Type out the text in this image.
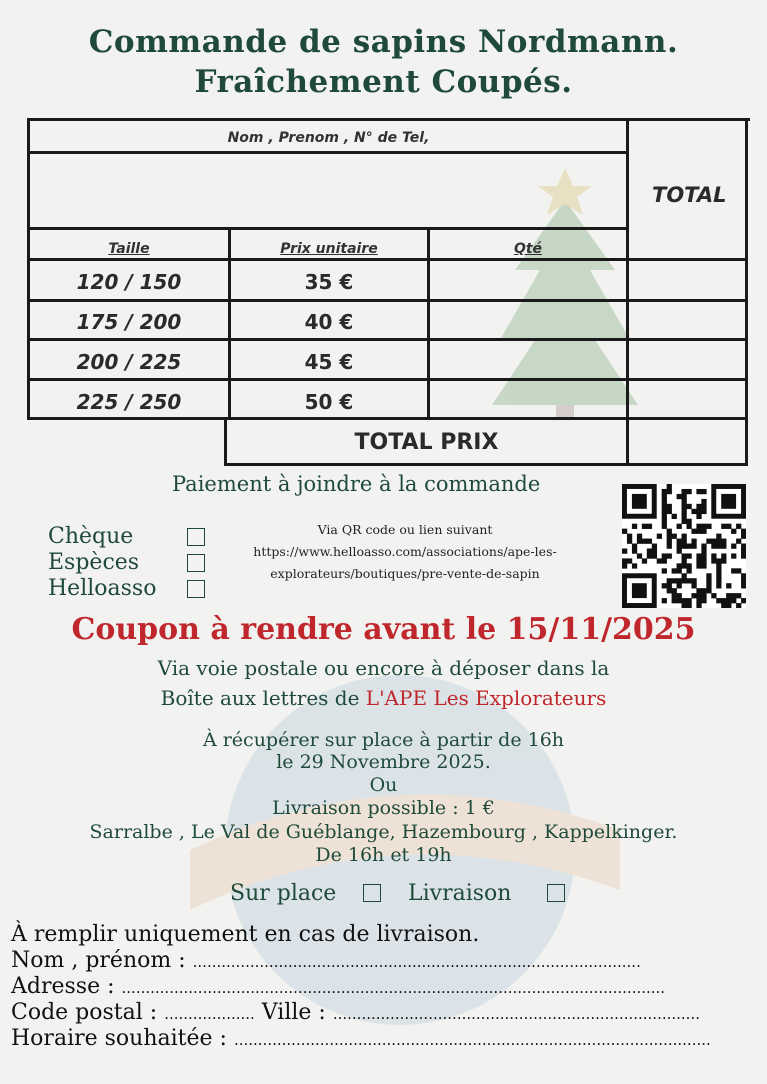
Commande de sapins Nordmann.
Fraîchement Coupés.
Nom , Prenom , N° de Tel,
TOTAL
Taille	Prix unitaire	Qté
120 / 150	35 €
175 / 200	40 €
200 / 225	45 €
225 / 250	50 €
TOTAL PRIX
Paiement à joindre à la commande
Chèque
Espèces
Helloasso
Via QR code ou lien suivant
https://www.helloasso.com/associations/ape-les-
explorateurs/boutiques/pre-vente-de-sapin
Coupon à rendre avant le 15/11/2025
Via voie postale ou encore à déposer dans la
Boîte aux lettres de L'APE Les Explorateurs
À récupérer sur place à partir de 16h
le 29 Novembre 2025.
Ou
Livraison possible : 1 €
Sarralbe , Le Val de Guéblange, Hazembourg , Kappelkinger.
De 16h et 19h
Sur place	Livraison
À remplir uniquement en cas de livraison.
Nom , prénom : ..............................................................................................
Adresse : ..................................................................................................................
Code postal : ................... Ville : .............................................................................
Horaire souhaitée : ....................................................................................................
